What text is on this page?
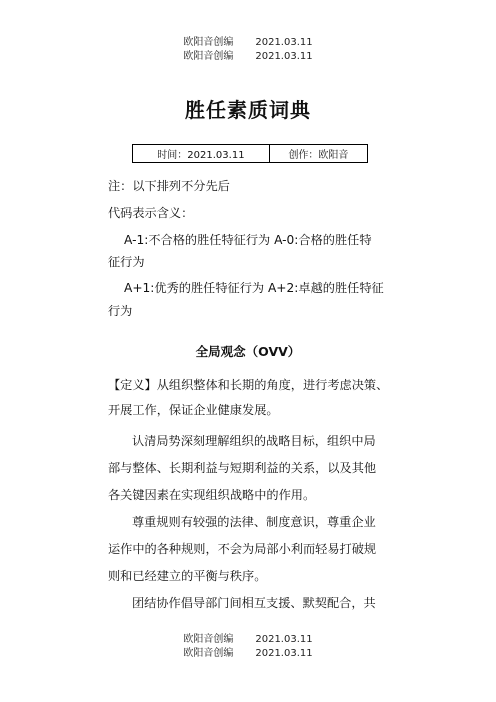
欧阳音创编 2021.03.11
欧阳音创编 2021.03.11
胜任素质词典
时间：2021.03.11	创作：欧阳音
注：以下排列不分先后
代码表示含义：
A-1:不合格的胜任特征行为 A-0:合格的胜任特
征行为
A+1:优秀的胜任特征行为 A+2:卓越的胜任特征
行为
全局观念（OVV）
【定义】从组织整体和长期的角度，进行考虑决策、
开展工作，保证企业健康发展。
认清局势深刻理解组织的战略目标，组织中局
部与整体、长期利益与短期利益的关系，以及其他
各关键因素在实现组织战略中的作用。
尊重规则有较强的法律、制度意识，尊重企业
运作中的各种规则，不会为局部小利而轻易打破规
则和已经建立的平衡与秩序。
团结协作倡导部门间相互支援、默契配合，共
欧阳音创编 2021.03.11
欧阳音创编 2021.03.11
